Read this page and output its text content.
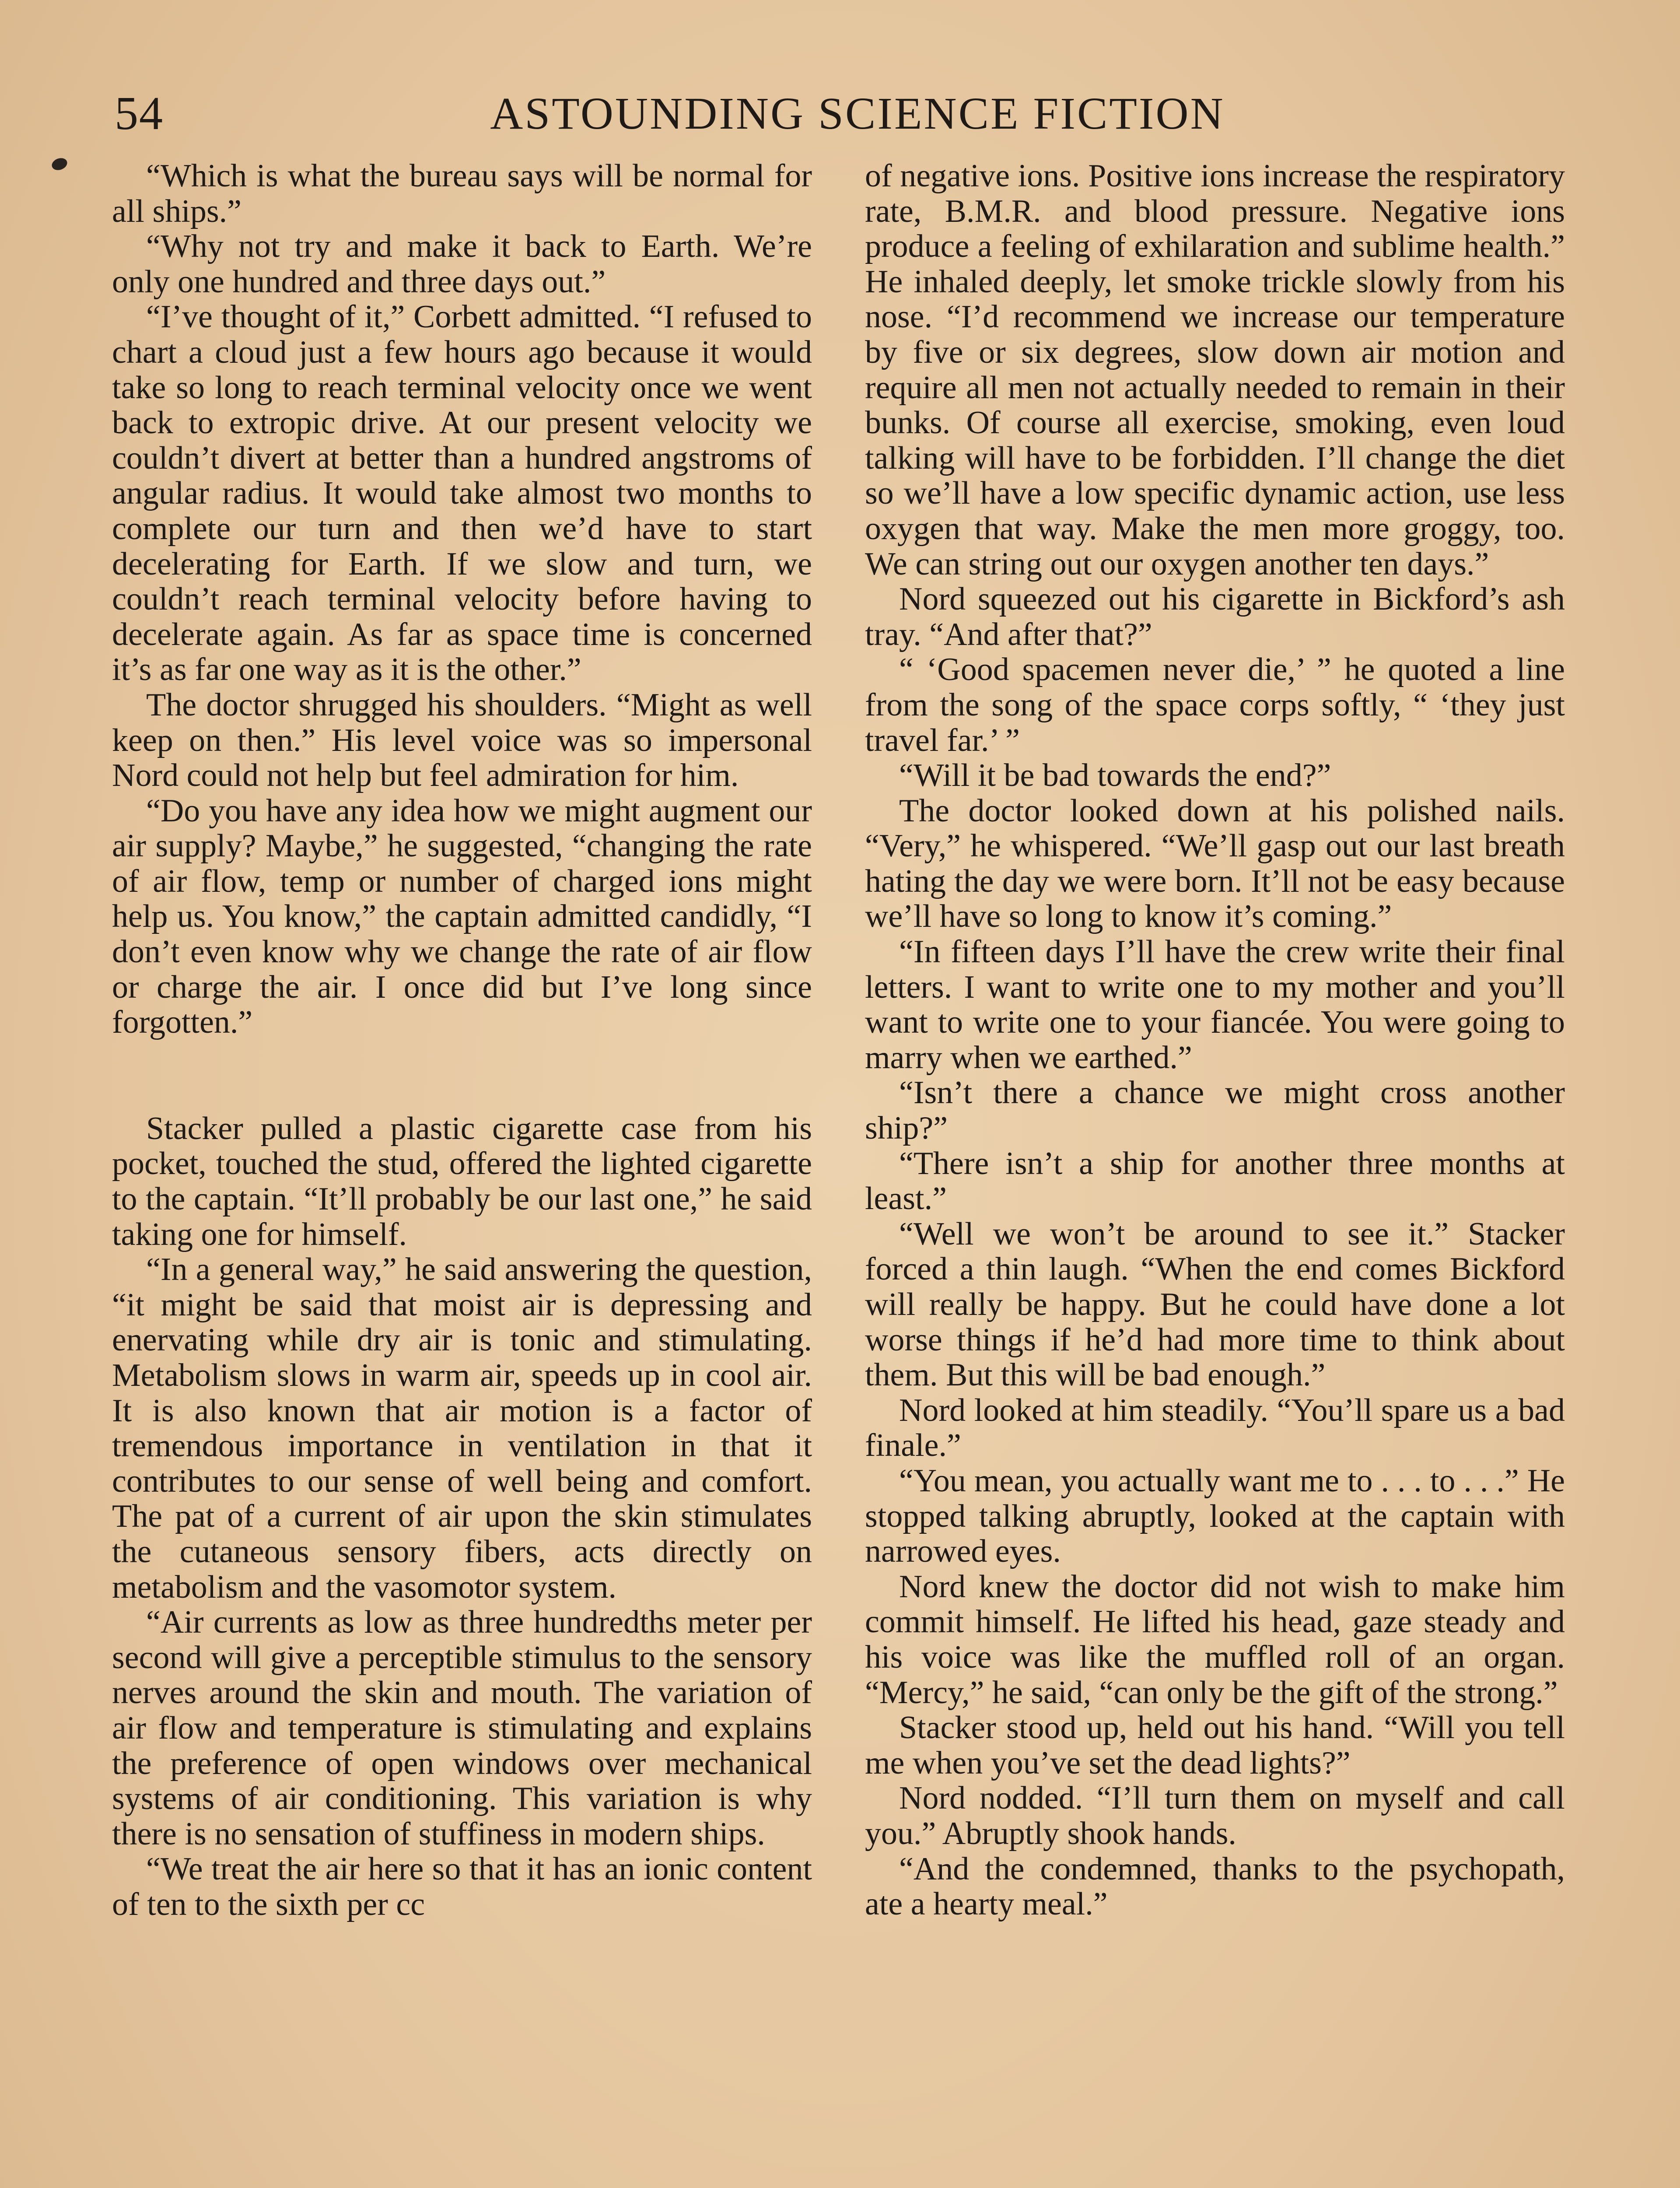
54	ASTOUNDING SCIENCE FICTION

“Which is what the bureau says will be normal for all ships.”

“Why not try and make it back to Earth. We’re only one hundred and three days out.”

“I’ve thought of it,” Corbett admitted. “I refused to chart a cloud just a few hours ago because it would take so long to reach terminal velocity once we went back to extropic drive. At our present velocity we couldn’t divert at better than a hundred angstroms of angular radius. It would take almost two months to complete our turn and then we’d have to start decelerating for Earth. If we slow and turn, we couldn’t reach terminal velocity before having to decelerate again. As far as space time is concerned it’s as far one way as it is the other.”

The doctor shrugged his shoulders. “Might as well keep on then.” His level voice was so impersonal Nord could not help but feel admiration for him.

“Do you have any idea how we might augment our air supply? Maybe,” he suggested, “changing the rate of air flow, temp or number of charged ions might help us. You know,” the captain admitted candidly, “I don’t even know why we change the rate of air flow or charge the air. I once did but I’ve long since forgotten.”

Stacker pulled a plastic cigarette case from his pocket, touched the stud, offered the lighted cigarette to the captain. “It’ll probably be our last one,” he said taking one for himself.

“In a general way,” he said answering the question, “it might be said that moist air is depressing and enervating while dry air is tonic and stimulating. Metabolism slows in warm air, speeds up in cool air. It is also known that air motion is a factor of tremendous importance in ventilation in that it contributes to our sense of well being and comfort. The pat of a current of air upon the skin stimulates the cutaneous sensory fibers, acts directly on metabolism and the vasomotor system.

“Air currents as low as three hundredths meter per second will give a perceptible stimulus to the sensory nerves around the skin and mouth. The variation of air flow and temperature is stimulating and explains the preference of open windows over mechanical systems of air conditioning. This variation is why there is no sensation of stuffiness in modern ships.

“We treat the air here so that it has an ionic content of ten to the sixth per cc

of negative ions. Positive ions increase the respiratory rate, B.M.R. and blood pressure. Negative ions produce a feeling of exhilaration and sublime health.” He inhaled deeply, let smoke trickle slowly from his nose. “I’d recommend we increase our temperature by five or six degrees, slow down air motion and require all men not actually needed to remain in their bunks. Of course all exercise, smoking, even loud talking will have to be forbidden. I’ll change the diet so we’ll have a low specific dynamic action, use less oxygen that way. Make the men more groggy, too. We can string out our oxygen another ten days.”

Nord squeezed out his cigarette in Bickford’s ash tray. “And after that?”

“ ‘Good spacemen never die,’ ” he quoted a line from the song of the space corps softly, “ ‘they just travel far.’ ”

“Will it be bad towards the end?”

The doctor looked down at his polished nails. “Very,” he whispered. “We’ll gasp out our last breath hating the day we were born. It’ll not be easy because we’ll have so long to know it’s coming.”

“In fifteen days I’ll have the crew write their final letters. I want to write one to my mother and you’ll want to write one to your fiancée. You were going to marry when we earthed.”

“Isn’t there a chance we might cross another ship?”

“There isn’t a ship for another three months at least.”

“Well we won’t be around to see it.” Stacker forced a thin laugh. “When the end comes Bickford will really be happy. But he could have done a lot worse things if he’d had more time to think about them. But this will be bad enough.”

Nord looked at him steadily. “You’ll spare us a bad finale.”

“You mean, you actually want me to . . . to . . .” He stopped talking abruptly, looked at the captain with narrowed eyes.

Nord knew the doctor did not wish to make him commit himself. He lifted his head, gaze steady and his voice was like the muffled roll of an organ. “Mercy,” he said, “can only be the gift of the strong.”

Stacker stood up, held out his hand. “Will you tell me when you’ve set the dead lights?”

Nord nodded. “I’ll turn them on myself and call you.” Abruptly shook hands.

“And the condemned, thanks to the psychopath, ate a hearty meal.”
